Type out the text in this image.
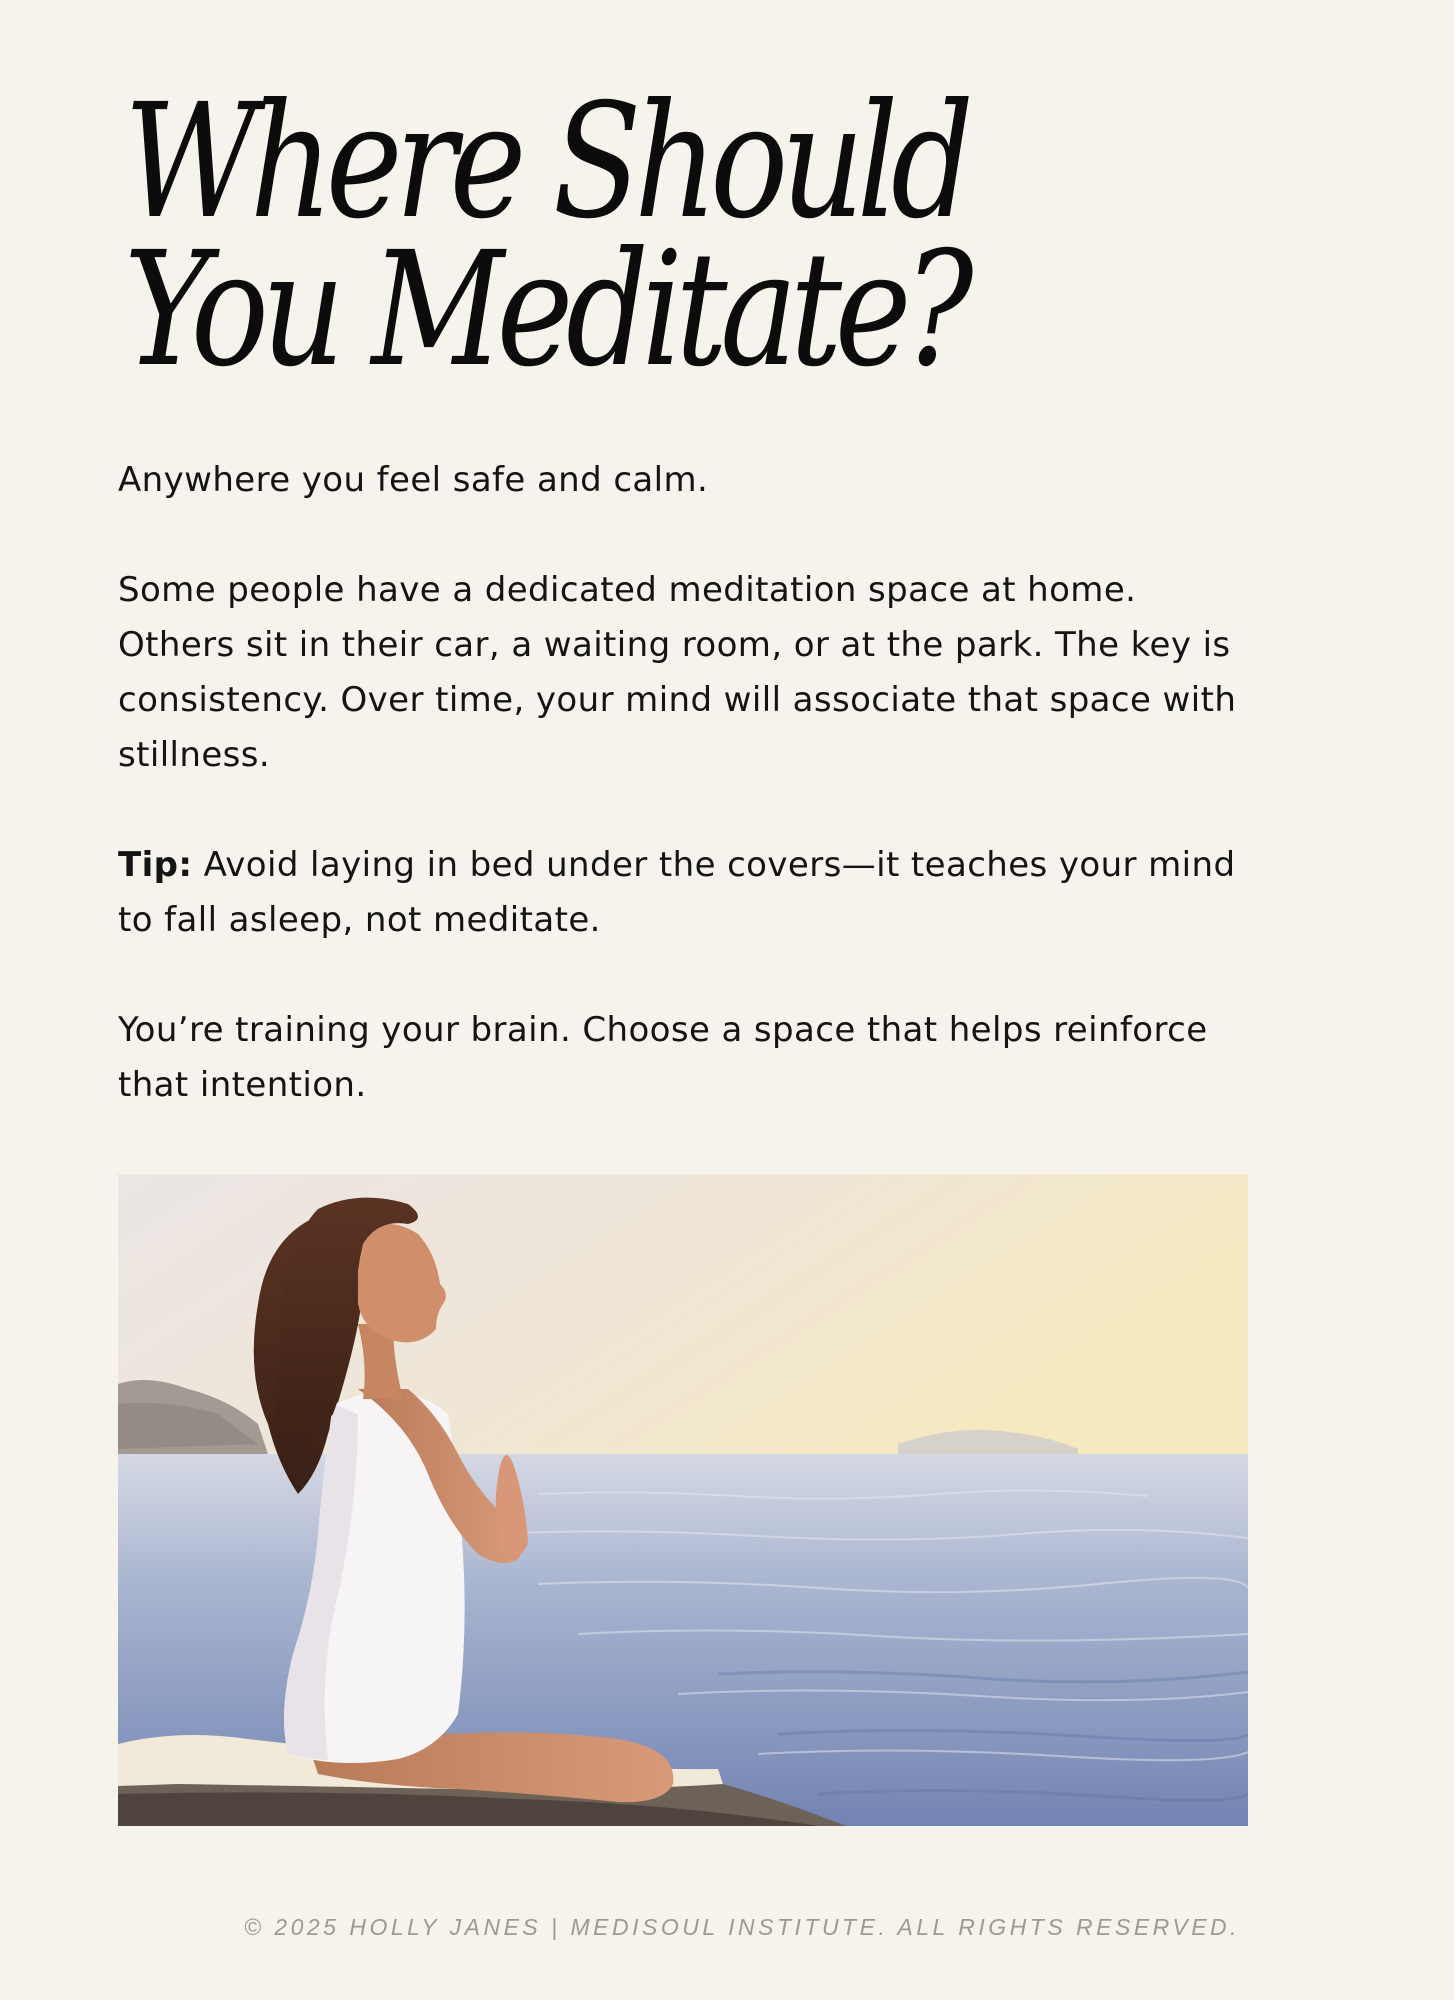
Where Should
You Meditate?

Anywhere you feel safe and calm.

Some people have a dedicated meditation space at home. Others sit in their car, a waiting room, or at the park. The key is consistency. Over time, your mind will associate that space with stillness.

Tip: Avoid laying in bed under the covers—it teaches your mind to fall asleep, not meditate.

You’re training your brain. Choose a space that helps reinforce that intention.

© 2025 HOLLY JANES | MEDISOUL INSTITUTE. ALL RIGHTS RESERVED.
